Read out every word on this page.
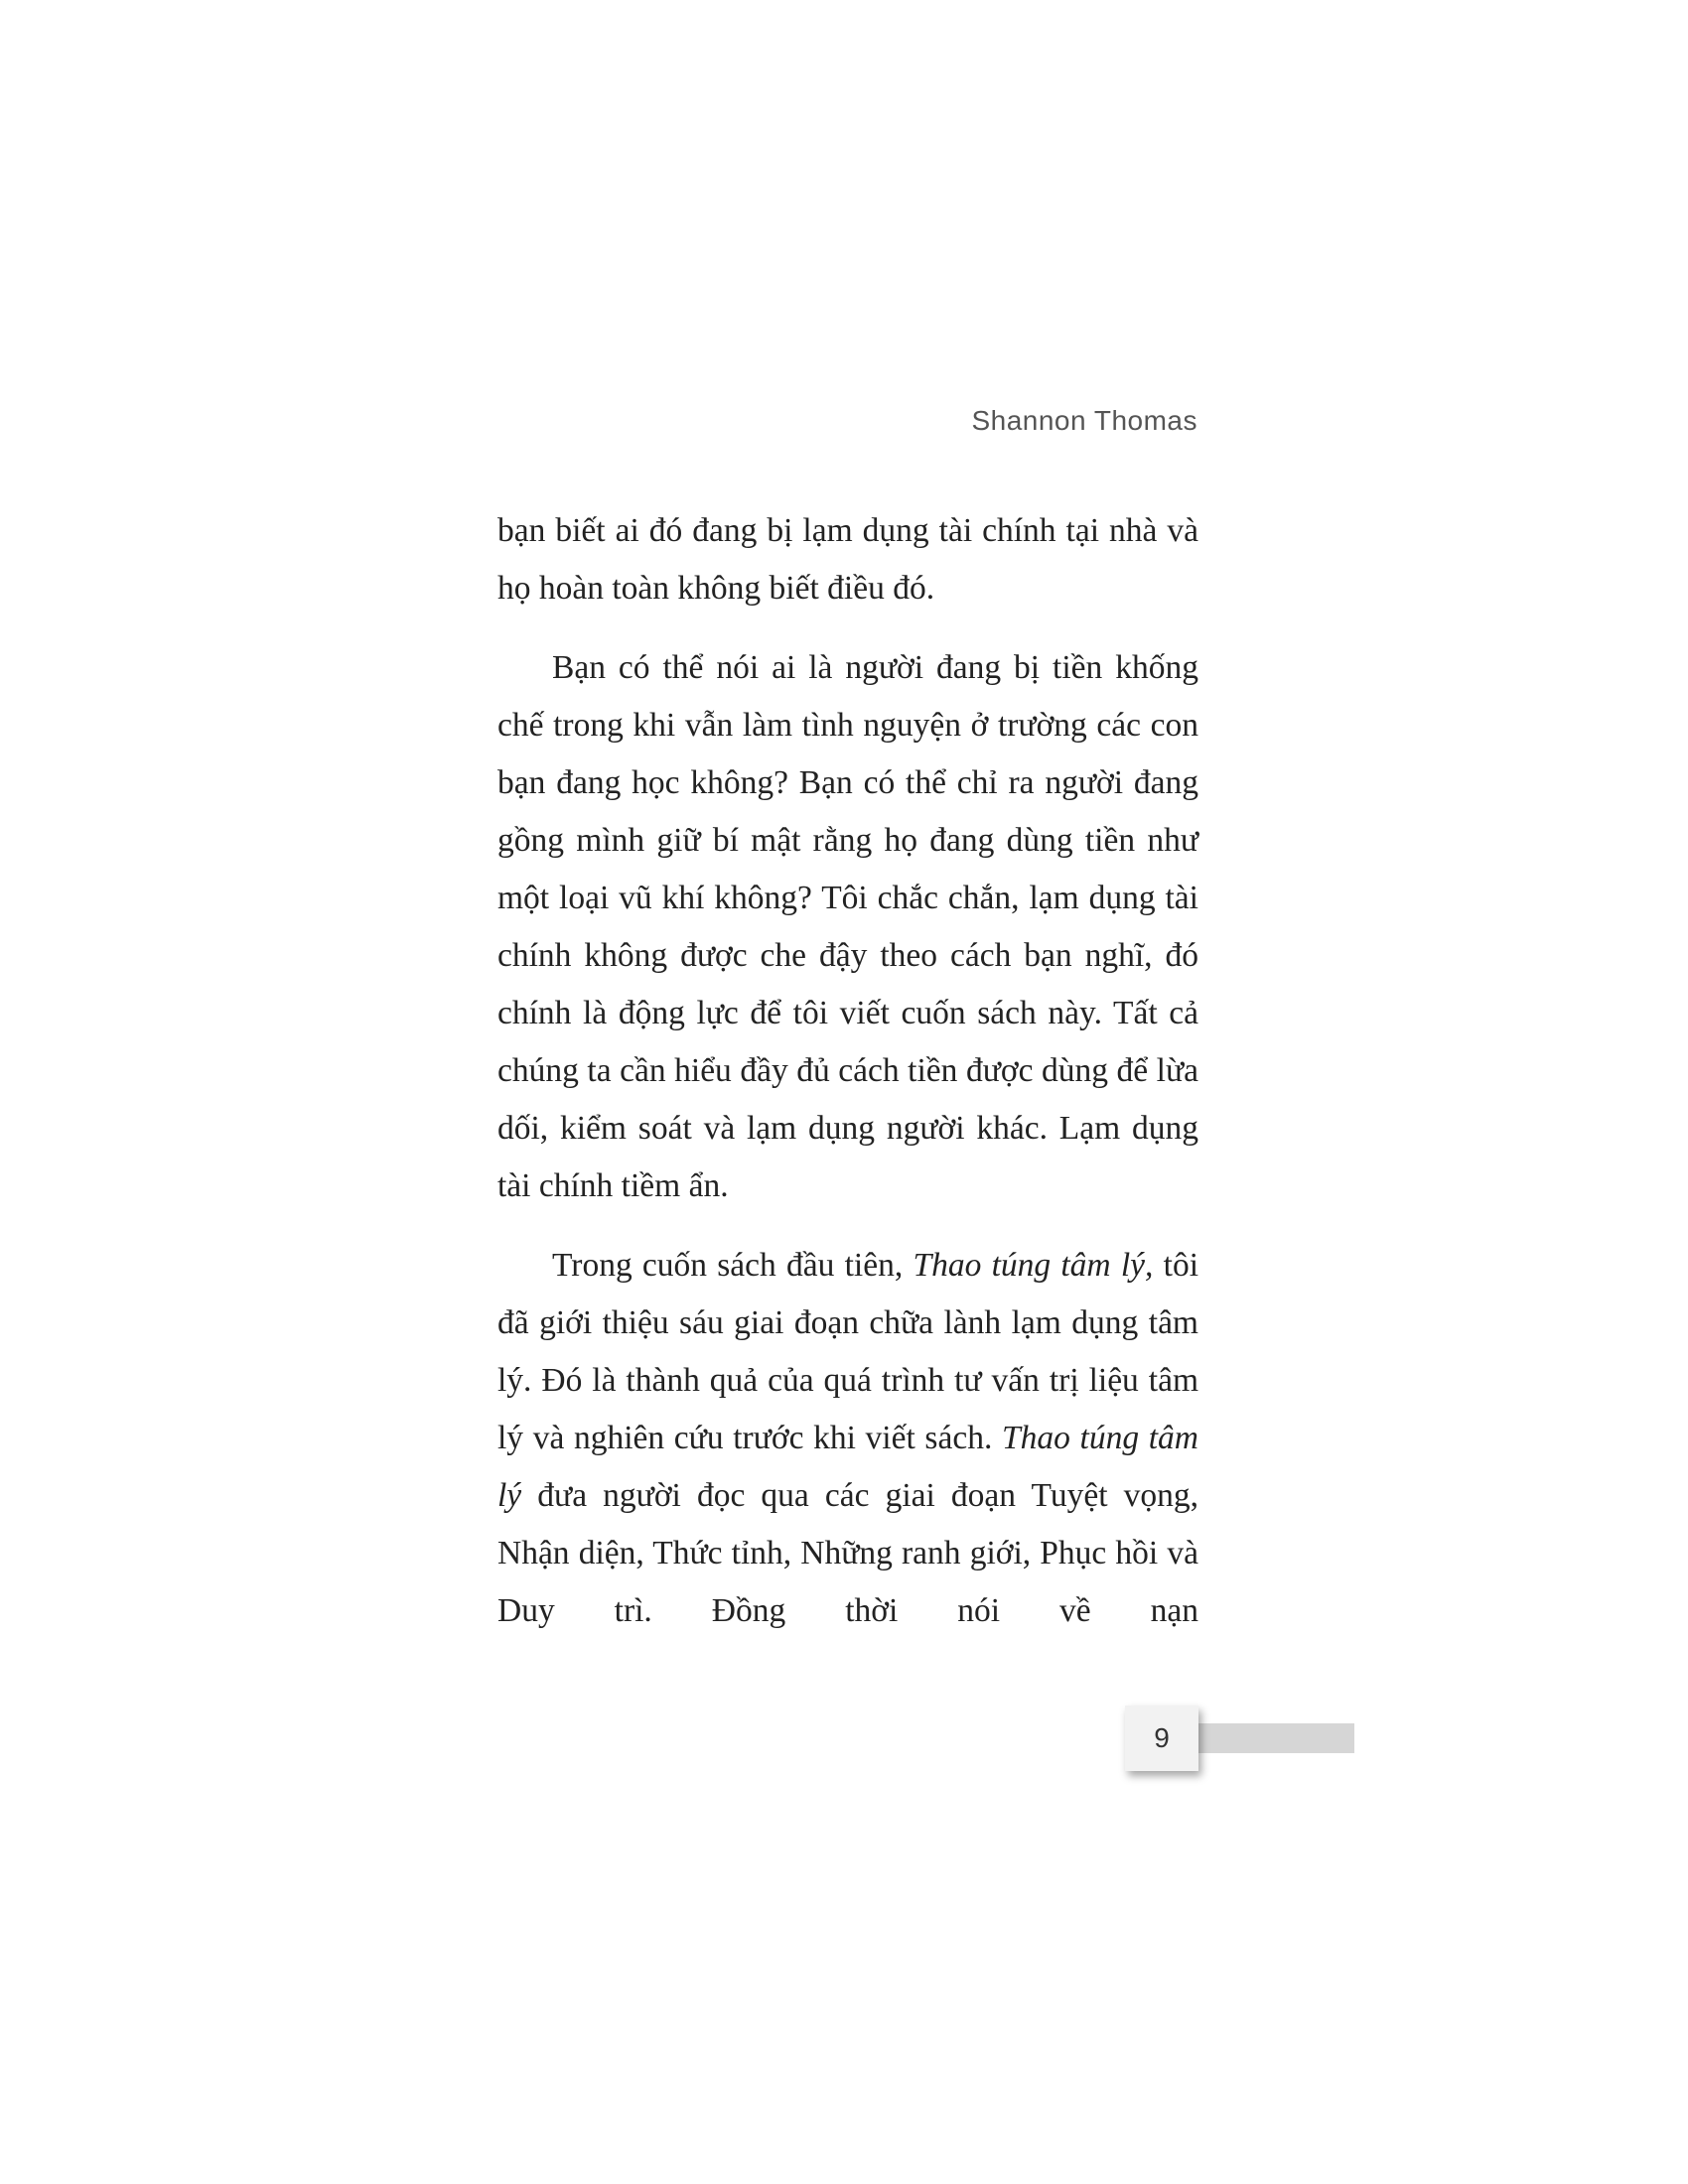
Shannon Thomas

bạn biết ai đó đang bị lạm dụng tài chính tại nhà và họ hoàn toàn không biết điều đó.

Bạn có thể nói ai là người đang bị tiền khống chế trong khi vẫn làm tình nguyện ở trường các con bạn đang học không? Bạn có thể chỉ ra người đang gồng mình giữ bí mật rằng họ đang dùng tiền như một loại vũ khí không? Tôi chắc chắn, lạm dụng tài chính không được che đậy theo cách bạn nghĩ, đó chính là động lực để tôi viết cuốn sách này. Tất cả chúng ta cần hiểu đầy đủ cách tiền được dùng để lừa dối, kiểm soát và lạm dụng người khác. Lạm dụng tài chính tiềm ẩn.

Trong cuốn sách đầu tiên, Thao túng tâm lý, tôi đã giới thiệu sáu giai đoạn chữa lành lạm dụng tâm lý. Đó là thành quả của quá trình tư vấn trị liệu tâm lý và nghiên cứu trước khi viết sách. Thao túng tâm lý đưa người đọc qua các giai đoạn Tuyệt vọng, Nhận diện, Thức tỉnh, Những ranh giới, Phục hồi và Duy trì. Đồng thời nói về nạn

9
